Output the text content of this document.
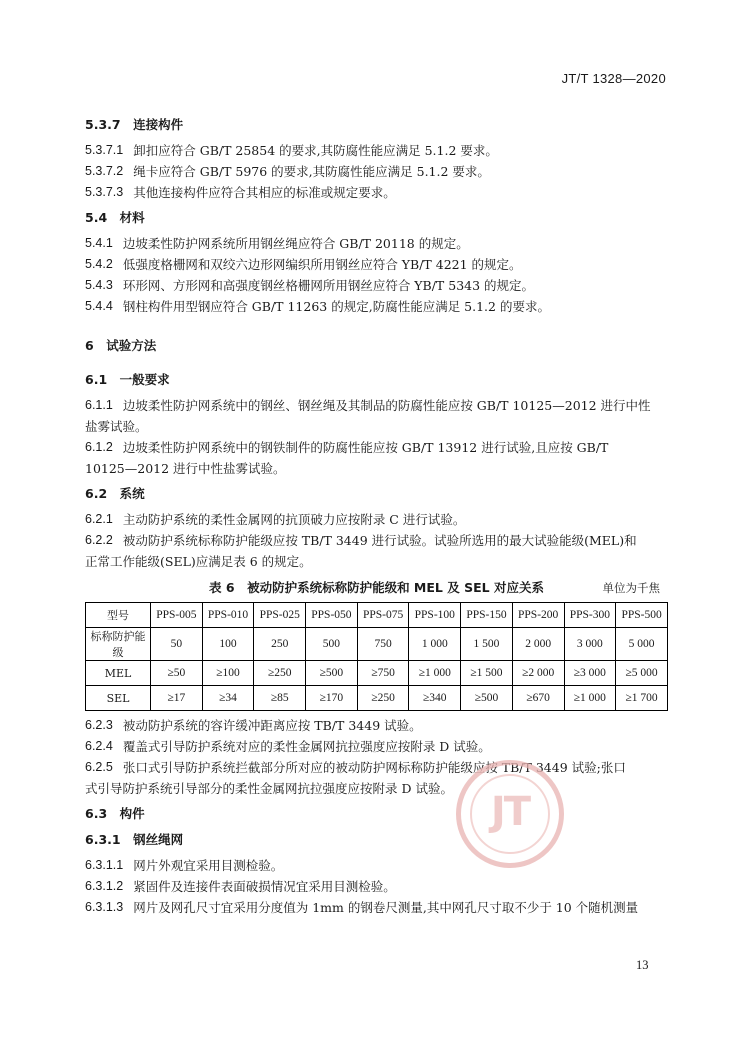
JT/T 1328—2020

5.3.7　 连接构件

5.3.7.1 卸扣应符合 GB/T 25854 的要求,其防腐性能应满足 5.1.2 要求。

5.3.7.2 绳卡应符合 GB/T 5976 的要求,其防腐性能应满足 5.1.2 要求。

5.3.7.3 其他连接构件应符合其相应的标准或规定要求。

5.4　 材料

5.4.1 边坡柔性防护网系统所用钢丝绳应符合 GB/T 20118 的规定。

5.4.2 低强度格栅网和双绞六边形网编织所用钢丝应符合 YB/T 4221 的规定。

5.4.3 环形网、方形网和高强度钢丝格栅网所用钢丝应符合 YB/T 5343 的规定。

5.4.4 钢柱构件用型钢应符合 GB/T 11263 的规定,防腐性能应满足 5.1.2 的要求。

6　 试验方法

6.1　 一般要求

6.1.1 边坡柔性防护网系统中的钢丝、钢丝绳及其制品的防腐性能应按 GB/T 10125—2012 进行中性
盐雾试验。
6.1.2 边坡柔性防护网系统中的钢铁制件的防腐性能应按 GB/T 13912 进行试验,且应按 GB/T
10125—2012 进行中性盐雾试验。

6.2　 系统

6.2.1 主动防护系统的柔性金属网的抗顶破力应按附录 C 进行试验。

6.2.2 被动防护系统标称防护能级应按 TB/T 3449 进行试验。试验所选用的最大试验能级(MEL)和
正常工作能级(SEL)应满足表 6 的规定。
表 6　被动防护系统标称防护能级和 MEL 及 SEL 对应关系	单位为千焦
型号	PPS-005	PPS-010	PPS-025	PPS-050	PPS-075	PPS-100	PPS-150	PPS-200	PPS-300	PPS-500
标称防护能级	50	100	250	500	750	1 000	1 500	2 000	3 000	5 000
MEL	≥50	≥100	≥250	≥500	≥750	≥1 000	≥1 500	≥2 000	≥3 000	≥5 000
SEL	≥17	≥34	≥85	≥170	≥250	≥340	≥500	≥670	≥1 000	≥1 700

6.2.3 被动防护系统的容许缓冲距离应按 TB/T 3449 试验。

6.2.4 覆盖式引导防护系统对应的柔性金属网抗拉强度应按附录 D 试验。

6.2.5 张口式引导防护系统拦截部分所对应的被动防护网标称防护能级应按 TB/T 3449 试验;张口
式引导防护系统引导部分的柔性金属网抗拉强度应按附录 D 试验。

6.3　 构件

6.3.1　 钢丝绳网

6.3.1.1 网片外观宜采用目测检验。

6.3.1.2 紧固件及连接件表面破损情况宜采用目测检验。

6.3.1.3 网片及网孔尺寸宜采用分度值为 1mm 的钢卷尺测量,其中网孔尺寸取不少于 10 个随机测量

JT
13
